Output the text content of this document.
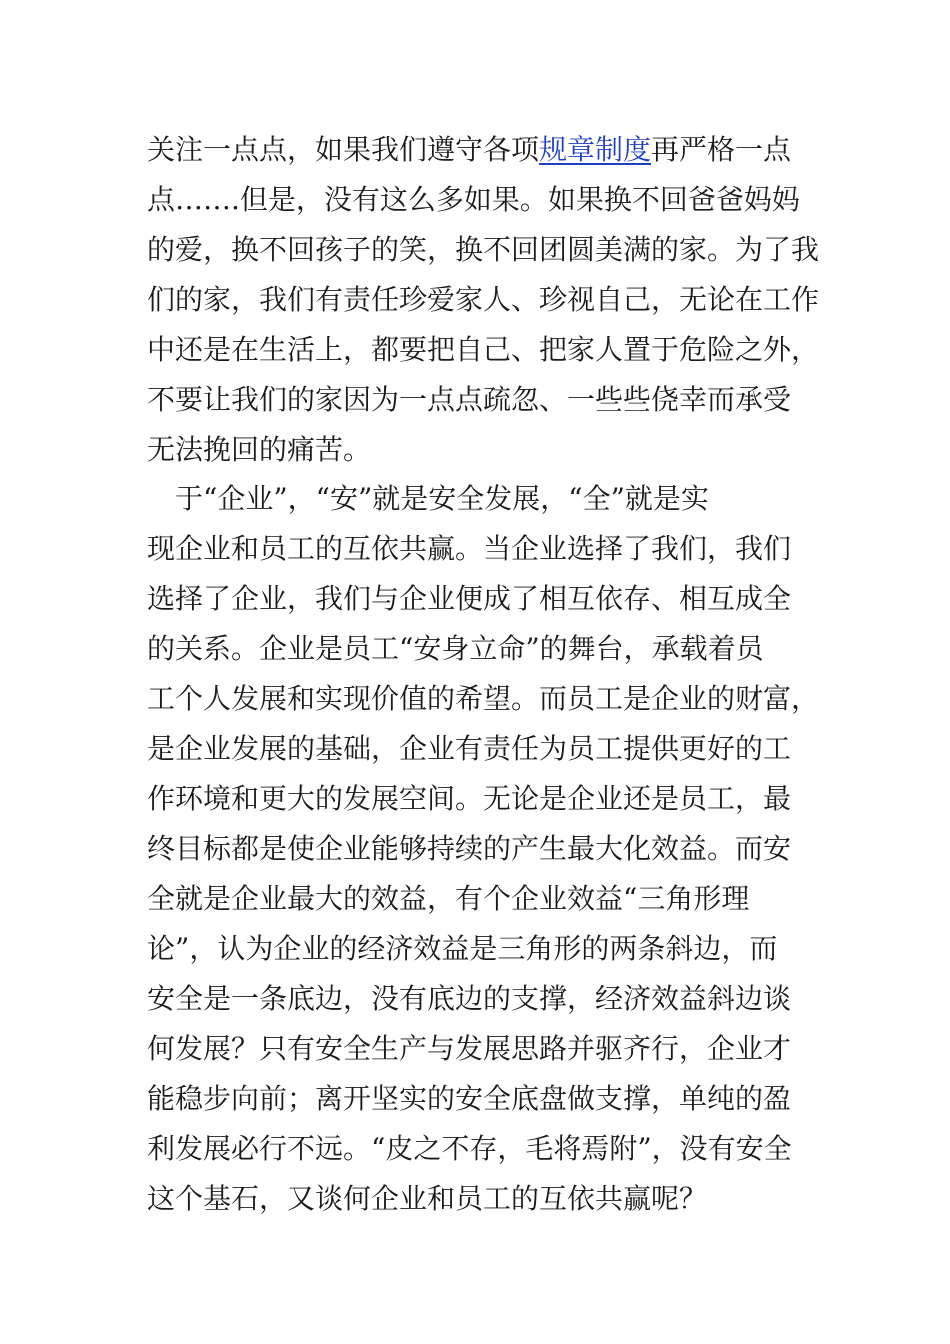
关注一点点，如果我们遵守各项规章制度再严格一点
点…….但是，没有这么多如果。如果换不回爸爸妈妈
的爱，换不回孩子的笑，换不回团圆美满的家。为了我
们的家，我们有责任珍爱家人、珍视自己，无论在工作
中还是在生活上，都要把自己、把家人置于危险之外，
不要让我们的家因为一点点疏忽、一些些侥幸而承受
无法挽回的痛苦。

　于“企业”，“安”就是安全发展，“全”就是实
现企业和员工的互依共赢。当企业选择了我们，我们
选择了企业，我们与企业便成了相互依存、相互成全
的关系。企业是员工“安身立命”的舞台，承载着员
工个人发展和实现价值的希望。而员工是企业的财富，
是企业发展的基础，企业有责任为员工提供更好的工
作环境和更大的发展空间。无论是企业还是员工，最
终目标都是使企业能够持续的产生最大化效益。而安
全就是企业最大的效益，有个企业效益“三角形理
论”，认为企业的经济效益是三角形的两条斜边，而
安全是一条底边，没有底边的支撑，经济效益斜边谈
何发展？只有安全生产与发展思路并驱齐行，企业才
能稳步向前；离开坚实的安全底盘做支撑，单纯的盈
利发展必行不远。“皮之不存，毛将焉附”，没有安全
这个基石，又谈何企业和员工的互依共赢呢？
